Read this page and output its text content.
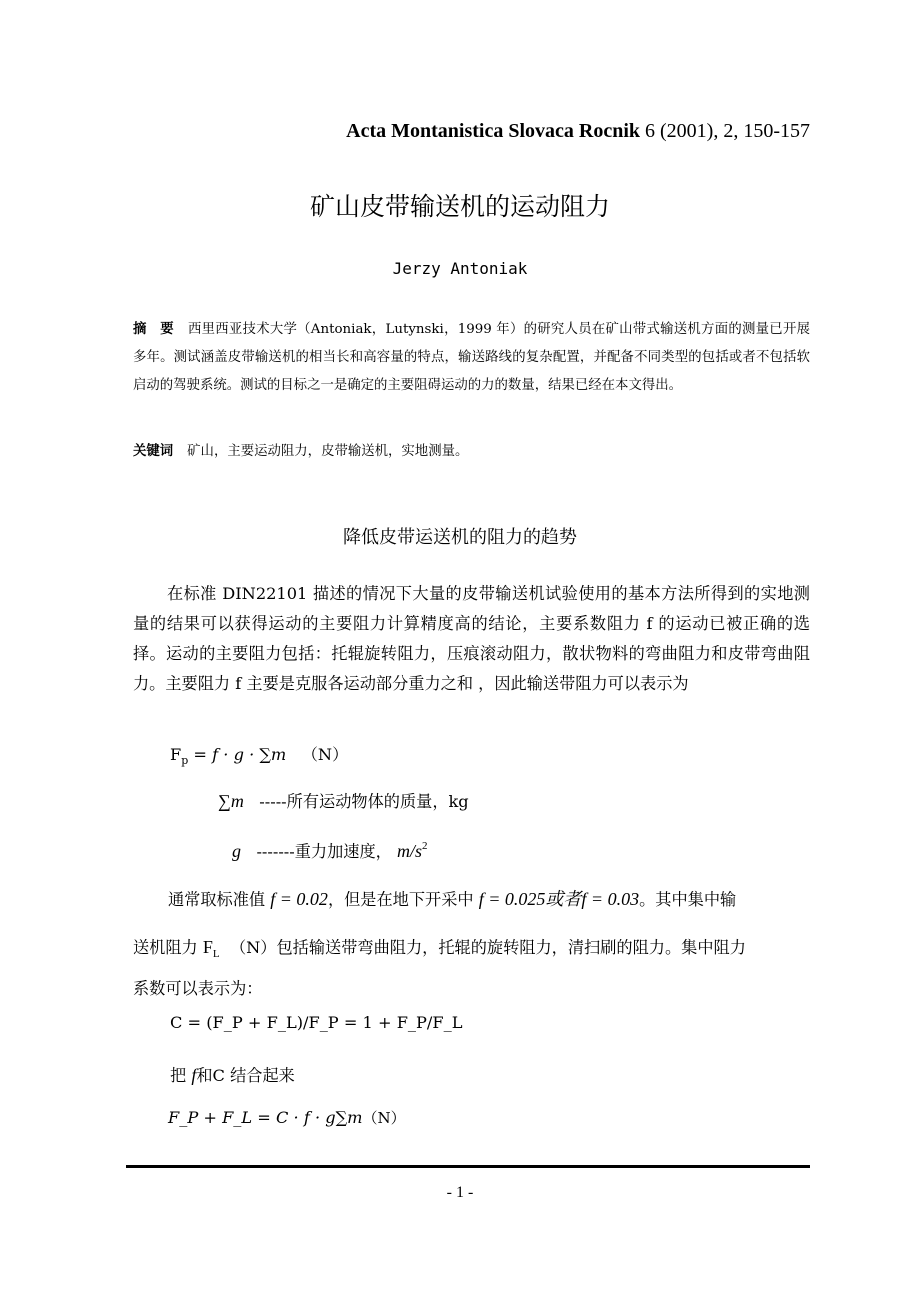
Acta Montanistica Slovaca Rocnik 6 (2001), 2, 150-157
矿山皮带输送机的运动阻力
Jerzy Antoniak
摘　要 西里西亚技术大学（Antoniak，Lutynski，1999 年）的研究人员在矿山带式输送机方面的测量已开展多年。测试涵盖皮带输送机的相当长和高容量的特点，输送路线的复杂配置，并配备不同类型的包括或者不包括软启动的驾驶系统。测试的目标之一是确定的主要阻碍运动的力的数量，结果已经在本文得出。
关键词 矿山，主要运动阻力，皮带输送机，实地测量。
降低皮带运送机的阻力的趋势
在标准 DIN22101 描述的情况下大量的皮带输送机试验使用的基本方法所得到的实地测量的结果可以获得运动的主要阻力计算精度高的结论，主要系数阻力 f 的运动已被正确的选择。运动的主要阻力包括：托辊旋转阻力，压痕滚动阻力，散状物料的弯曲阻力和皮带弯曲阻力。主要阻力 f 主要是克服各运动部分重力之和 ，因此输送带阻力可以表示为
$F_p = f \cdot g \cdot \sum m$ （N）
∑m -----所有运动物体的质量，kg
g -------重力加速度， $m/s^2$
通常取标准值 f = 0.02，但是在地下开采中 f = 0.025或者f = 0.03。其中集中输
送机阻力 $F_L$ （N）包括输送带弯曲阻力，托辊的旋转阻力，清扫刷的阻力。集中阻力
系数可以表示为：
C = (F_P + F_L)/F_P = 1 + F_P/F_L
把 f和C 结合起来
F_P + F_L = C · f · g∑m（N）
- 1 -
